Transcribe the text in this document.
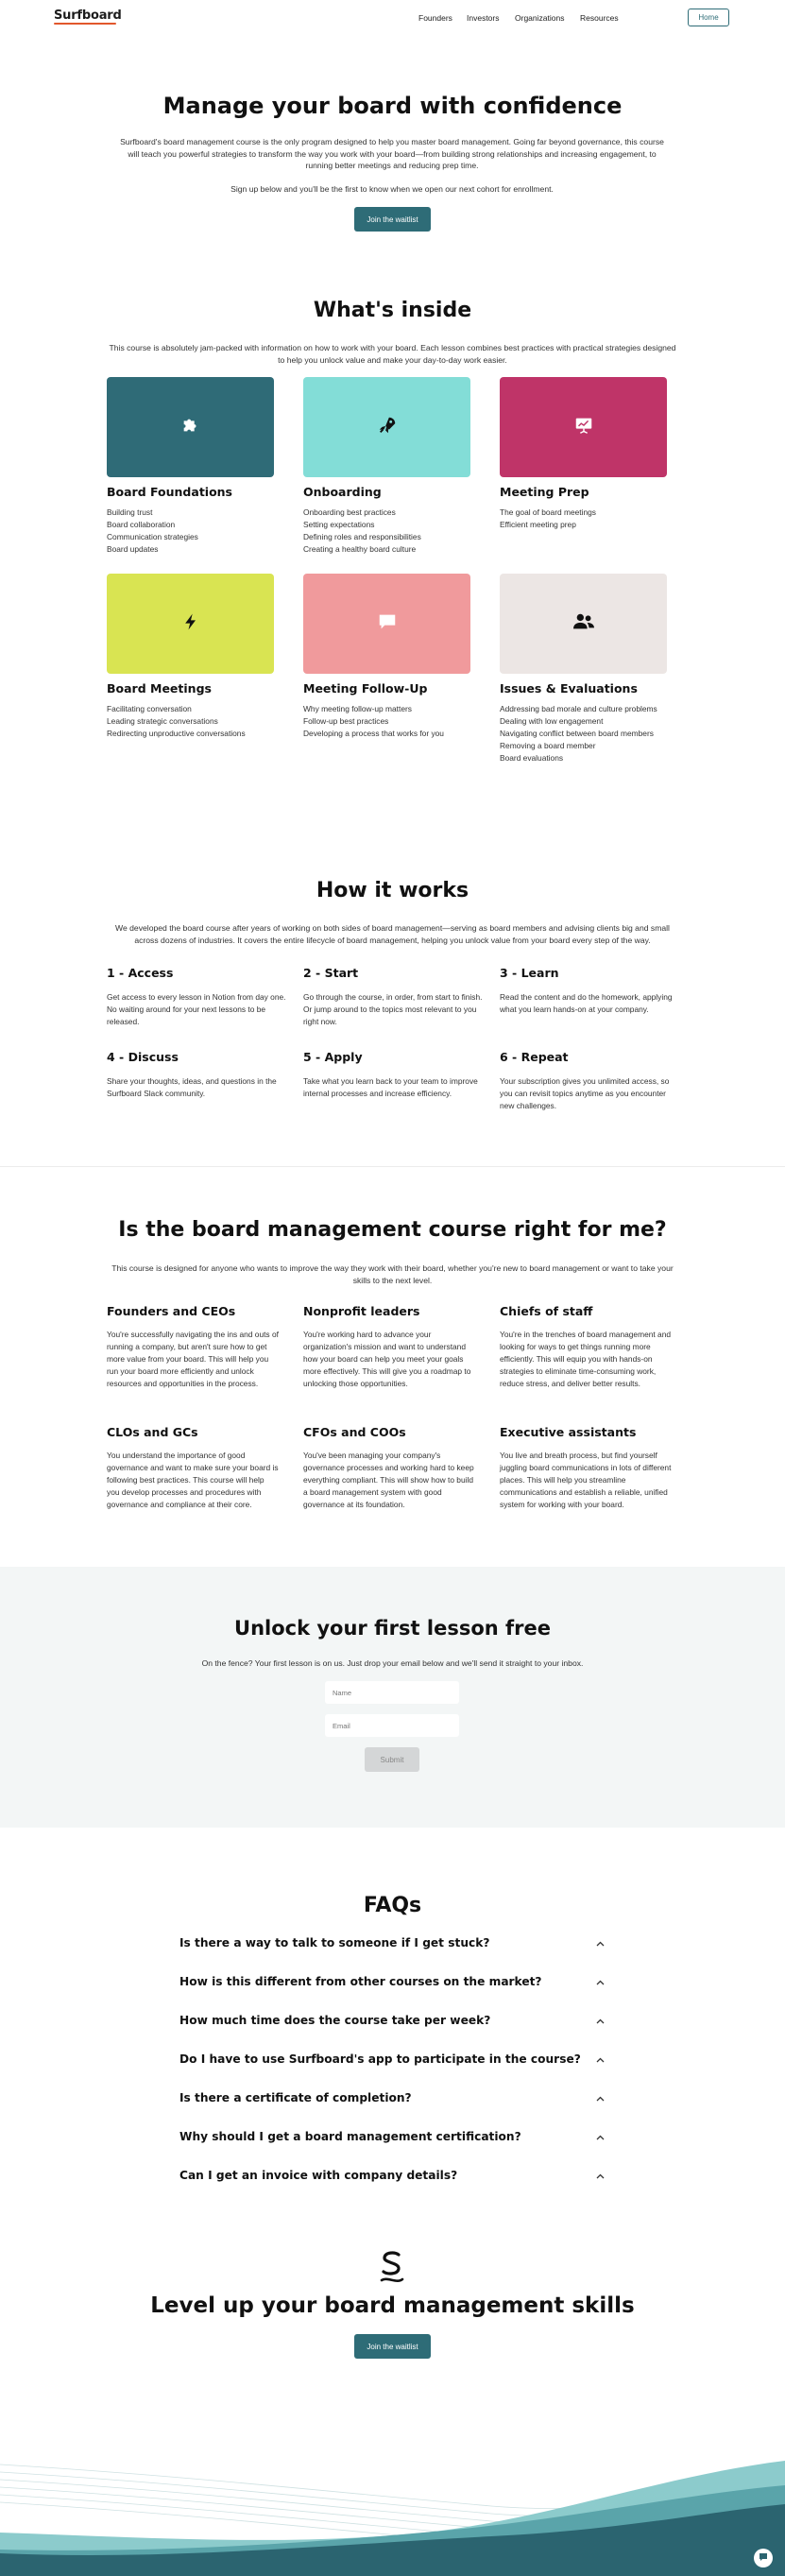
Surfboard	Founders Investors Organizations Resources	Home
Manage your board with confidence
Surfboard's board management course is the only program designed to help you master board management. Going far beyond governance, this course will teach you powerful strategies to transform the way you work with your board—from building strong relationships and increasing engagement, to running better meetings and reducing prep time.
Sign up below and you'll be the first to know when we open our next cohort for enrollment.
Join the waitlist
What's inside
This course is absolutely jam-packed with information on how to work with your board. Each lesson combines best practices with practical strategies designed to help you unlock value and make your day-to-day work easier.
Board Foundations
Building trust
Board collaboration
Communication strategies
Board updates
Onboarding
Onboarding best practices
Setting expectations
Defining roles and responsibilities
Creating a healthy board culture
Meeting Prep
The goal of board meetings
Efficient meeting prep
Board Meetings
Facilitating conversation
Leading strategic conversations
Redirecting unproductive conversations
Meeting Follow-Up
Why meeting follow-up matters
Follow-up best practices
Developing a process that works for you
Issues & Evaluations
Addressing bad morale and culture problems
Dealing with low engagement
Navigating conflict between board members
Removing a board member
Board evaluations
How it works
We developed the board course after years of working on both sides of board management—serving as board members and advising clients big and small across dozens of industries. It covers the entire lifecycle of board management, helping you unlock value from your board every step of the way.
1 - Access
Get access to every lesson in Notion from day one. No waiting around for your next lessons to be released.
2 - Start
Go through the course, in order, from start to finish. Or jump around to the topics most relevant to you right now.
3 - Learn
Read the content and do the homework, applying what you learn hands-on at your company.
4 - Discuss
Share your thoughts, ideas, and questions in the Surfboard Slack community.
5 - Apply
Take what you learn back to your team to improve internal processes and increase efficiency.
6 - Repeat
Your subscription gives you unlimited access, so you can revisit topics anytime as you encounter new challenges.
Is the board management course right for me?
This course is designed for anyone who wants to improve the way they work with their board, whether you're new to board management or want to take your skills to the next level.
Founders and CEOs
You're successfully navigating the ins and outs of running a company, but aren't sure how to get more value from your board. This will help you run your board more efficiently and unlock resources and opportunities in the process.
Nonprofit leaders
You're working hard to advance your organization's mission and want to understand how your board can help you meet your goals more effectively. This will give you a roadmap to unlocking those opportunities.
Chiefs of staff
You're in the trenches of board management and looking for ways to get things running more efficiently. This will equip you with hands-on strategies to eliminate time-consuming work, reduce stress, and deliver better results.
CLOs and GCs
You understand the importance of good governance and want to make sure your board is following best practices. This course will help you develop processes and procedures with governance and compliance at their core.
CFOs and COOs
You've been managing your company's governance processes and working hard to keep everything compliant. This will show how to build a board management system with good governance at its foundation.
Executive assistants
You live and breath process, but find yourself juggling board communications in lots of different places. This will help you streamline communications and establish a reliable, unified system for working with your board.
Unlock your first lesson free
On the fence? Your first lesson is on us. Just drop your email below and we'll send it straight to your inbox.
Name
Email
Submit
FAQs
Is there a way to talk to someone if I get stuck?
How is this different from other courses on the market?
How much time does the course take per week?
Do I have to use Surfboard's app to participate in the course?
Is there a certificate of completion?
Why should I get a board management certification?
Can I get an invoice with company details?
Level up your board management skills
Join the waitlist
